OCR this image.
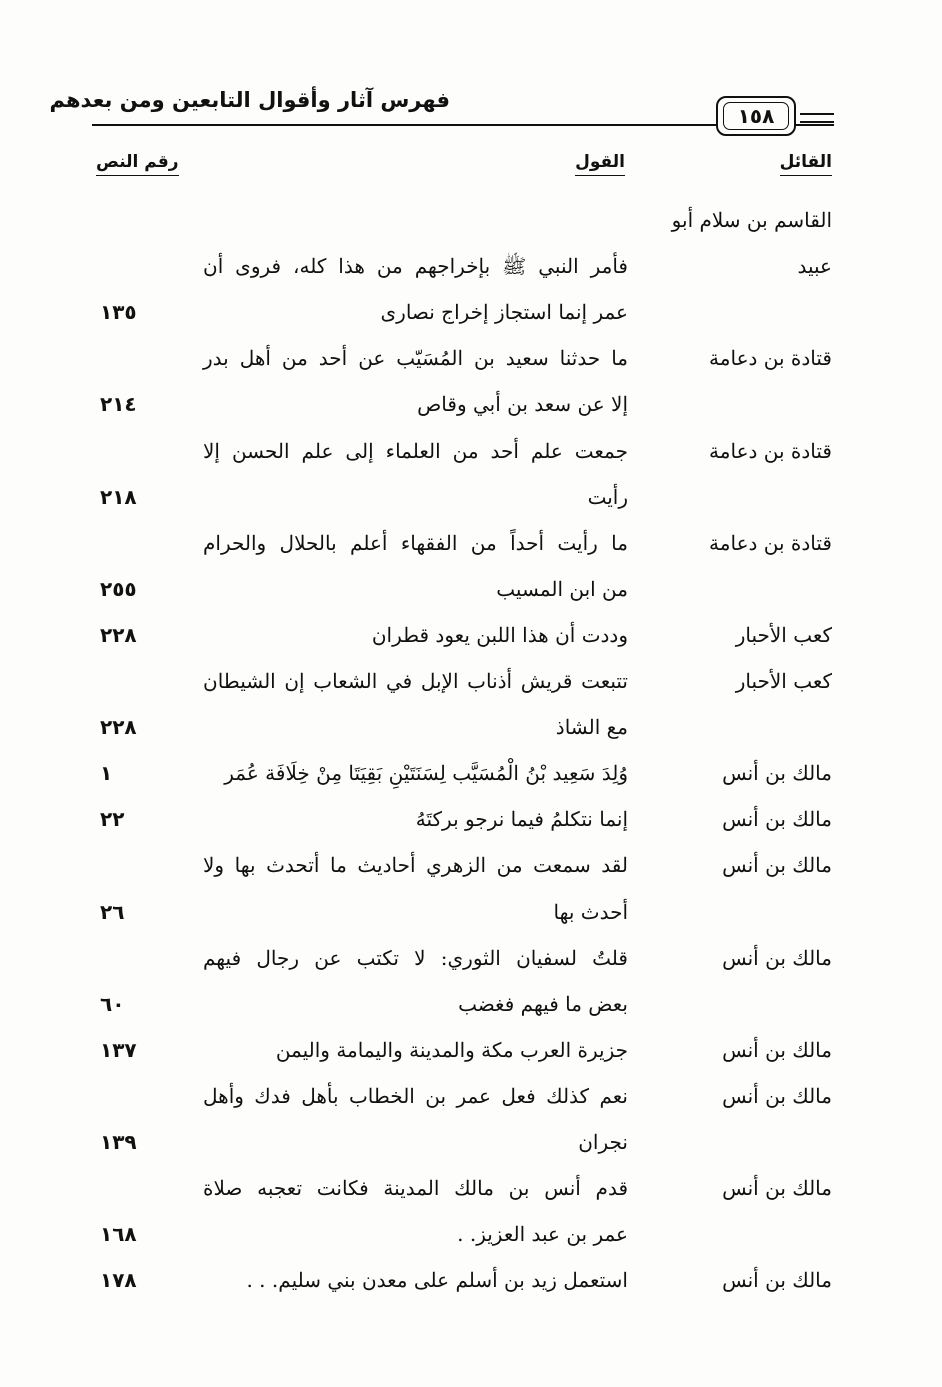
فهرس آثار وأقوال التابعين ومن بعدهم
١٥٨
القائل
القول
رقم النص
القاسم بن سلام أبو
عبيد
فأمر النبي ﷺ بإخراجهم من هذا كله، فروى أن
عمر إنما استجاز إخراج نصارى
١٣٥
قتادة بن دعامة
ما حدثنا سعيد بن المُسَيّب عن أحد من أهل بدر
إلا عن سعد بن أبي وقاص
٢١٤
قتادة بن دعامة
جمعت علم أحد من العلماء إلى علم الحسن إلا
رأيت
٢١٨
قتادة بن دعامة
ما رأيت أحداً من الفقهاء أعلم بالحلال والحرام
من ابن المسيب
٢٥٥
كعب الأحبار
وددت أن هذا اللبن يعود قطران
٢٢٨
كعب الأحبار
تتبعت قريش أذناب الإبل في الشعاب إن الشيطان
مع الشاذ
٢٢٨
مالك بن أنس
وُلِدَ سَعِيد بْنُ الْمُسَيَّب لِسَنَتَيْنِ بَقِيَتَا مِنْ خِلَافَة عُمَر
١
مالك بن أنس
إنما نتكلمُ فيما نرجو بركتَهُ
٢٢
مالك بن أنس
لقد سمعت من الزهري أحاديث ما أتحدث بها ولا
أحدث بها
٢٦
مالك بن أنس
قلتُ لسفيان الثوري: لا تكتب عن رجال فيهم
بعض ما فيهم فغضب
٦٠
مالك بن أنس
جزيرة العرب مكة والمدينة واليمامة واليمن
١٣٧
مالك بن أنس
نعم كذلك فعل عمر بن الخطاب بأهل فدك وأهل
نجران
١٣٩
مالك بن أنس
قدم أنس بن مالك المدينة فكانت تعجبه صلاة
عمر بن عبد العزيز. .
١٦٨
مالك بن أنس
استعمل زيد بن أسلم على معدن بني سليم. . .
١٧٨
